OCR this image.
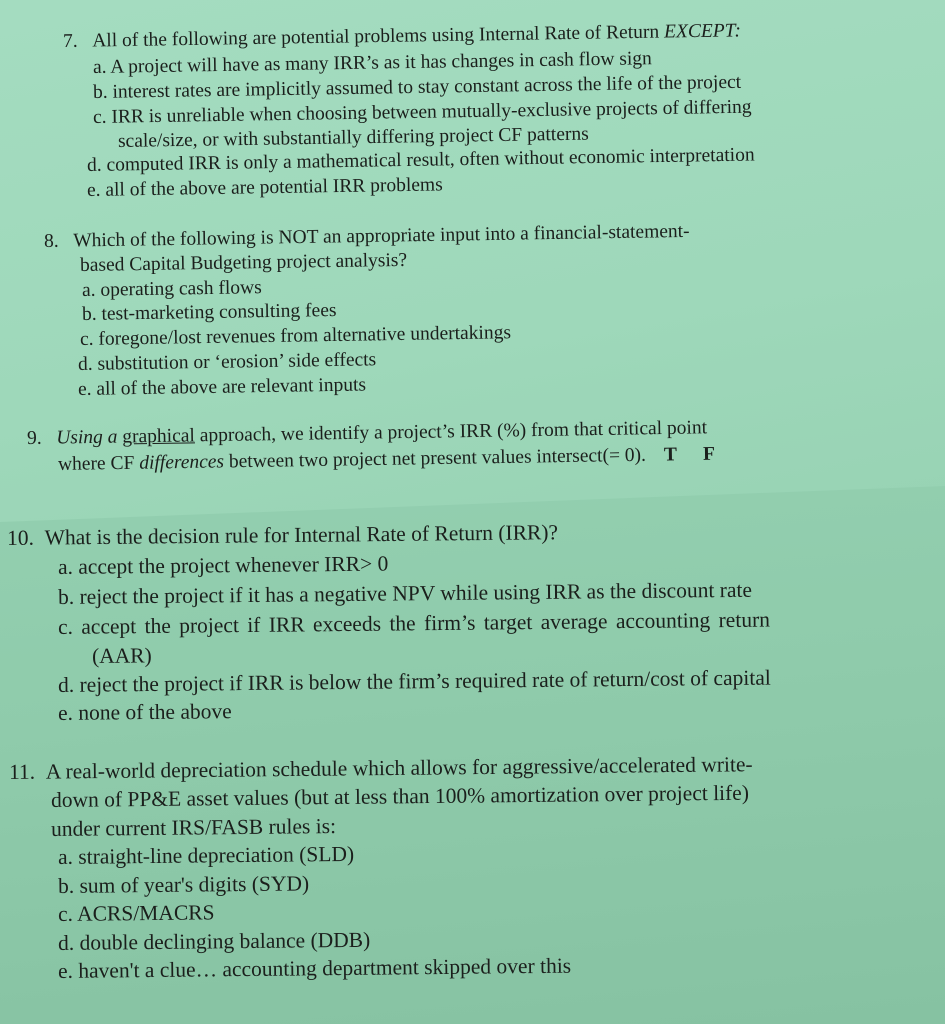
7. All of the following are potential problems using Internal Rate of Return EXCEPT:
a. A project will have as many IRR’s as it has changes in cash flow sign
b. interest rates are implicitly assumed to stay constant across the life of the project
c. IRR is unreliable when choosing between mutually-exclusive projects of differing
scale/size, or with substantially differing project CF patterns
d. computed IRR is only a mathematical result, often without economic interpretation
e. all of the above are potential IRR problems
8. Which of the following is NOT an appropriate input into a financial-statement-
based Capital Budgeting project analysis?
a. operating cash flows
b. test-marketing consulting fees
c. foregone/lost revenues from alternative undertakings
d. substitution or ‘erosion’ side effects
e. all of the above are relevant inputs
9. Using a graphical approach, we identify a project’s IRR (%) from that critical point
where CF differences between two project net present values intersect(= 0). T F
10. What is the decision rule for Internal Rate of Return (IRR)?
a. accept the project whenever IRR> 0
b. reject the project if it has a negative NPV while using IRR as the discount rate
c. accept the project if IRR exceeds the firm’s target average accounting return
(AAR)
d. reject the project if IRR is below the firm’s required rate of return/cost of capital
e. none of the above
11. A real-world depreciation schedule which allows for aggressive/accelerated write-
down of PP&E asset values (but at less than 100% amortization over project life)
under current IRS/FASB rules is:
a. straight-line depreciation (SLD)
b. sum of year's digits (SYD)
c. ACRS/MACRS
d. double declinging balance (DDB)
e. haven't a clue… accounting department skipped over this
